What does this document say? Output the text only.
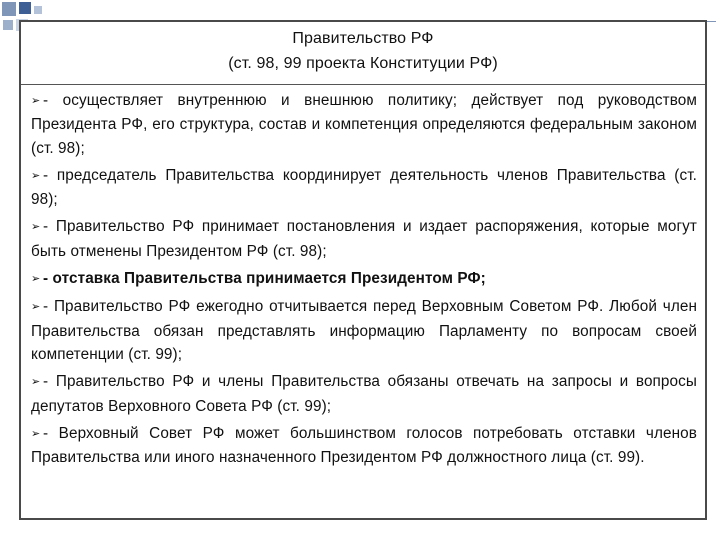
Правительство РФ
(ст. 98, 99 проекта Конституции РФ)

➢ - осуществляет внутреннюю и внешнюю политику; действует под руководством Президента РФ, его структура, состав и компетенция определяются федеральным законом (ст. 98);

➢ - председатель Правительства координирует деятельность членов Правительства (ст. 98);

➢ - Правительство РФ принимает постановления и издает распоряжения, которые могут быть отменены Президентом РФ (ст. 98);

➢ - отставка Правительства принимается Президентом РФ;

➢ - Правительство РФ ежегодно отчитывается перед Верховным Советом РФ. Любой член Правительства обязан представлять информацию Парламенту по вопросам своей компетенции (ст. 99);

➢ - Правительство РФ и члены Правительства обязаны отвечать на запросы и вопросы депутатов Верховного Совета РФ (ст. 99);

➢ - Верховный Совет РФ может большинством голосов потребовать отставки членов Правительства или иного назначенного Президентом РФ должностного лица (ст. 99).
